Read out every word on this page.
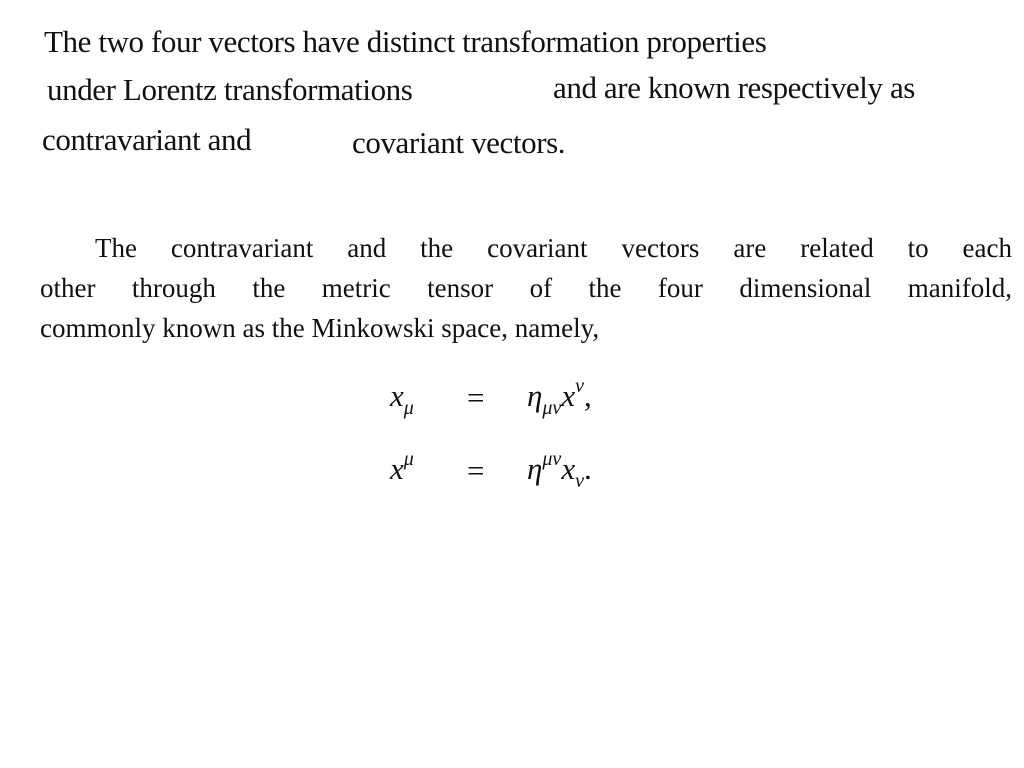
The two four vectors have distinct transformation properties
under Lorentz transformations	and are known respectively as
contravariant and	covariant vectors.
The contravariant and the covariant vectors are related to each
other through the metric tensor of the four dimensional manifold,
commonly known as the Minkowski space, namely,
$x_\mu = \eta_{\mu\nu}x^\nu$,
$x^\mu = \eta^{\mu\nu}x_\nu$.
